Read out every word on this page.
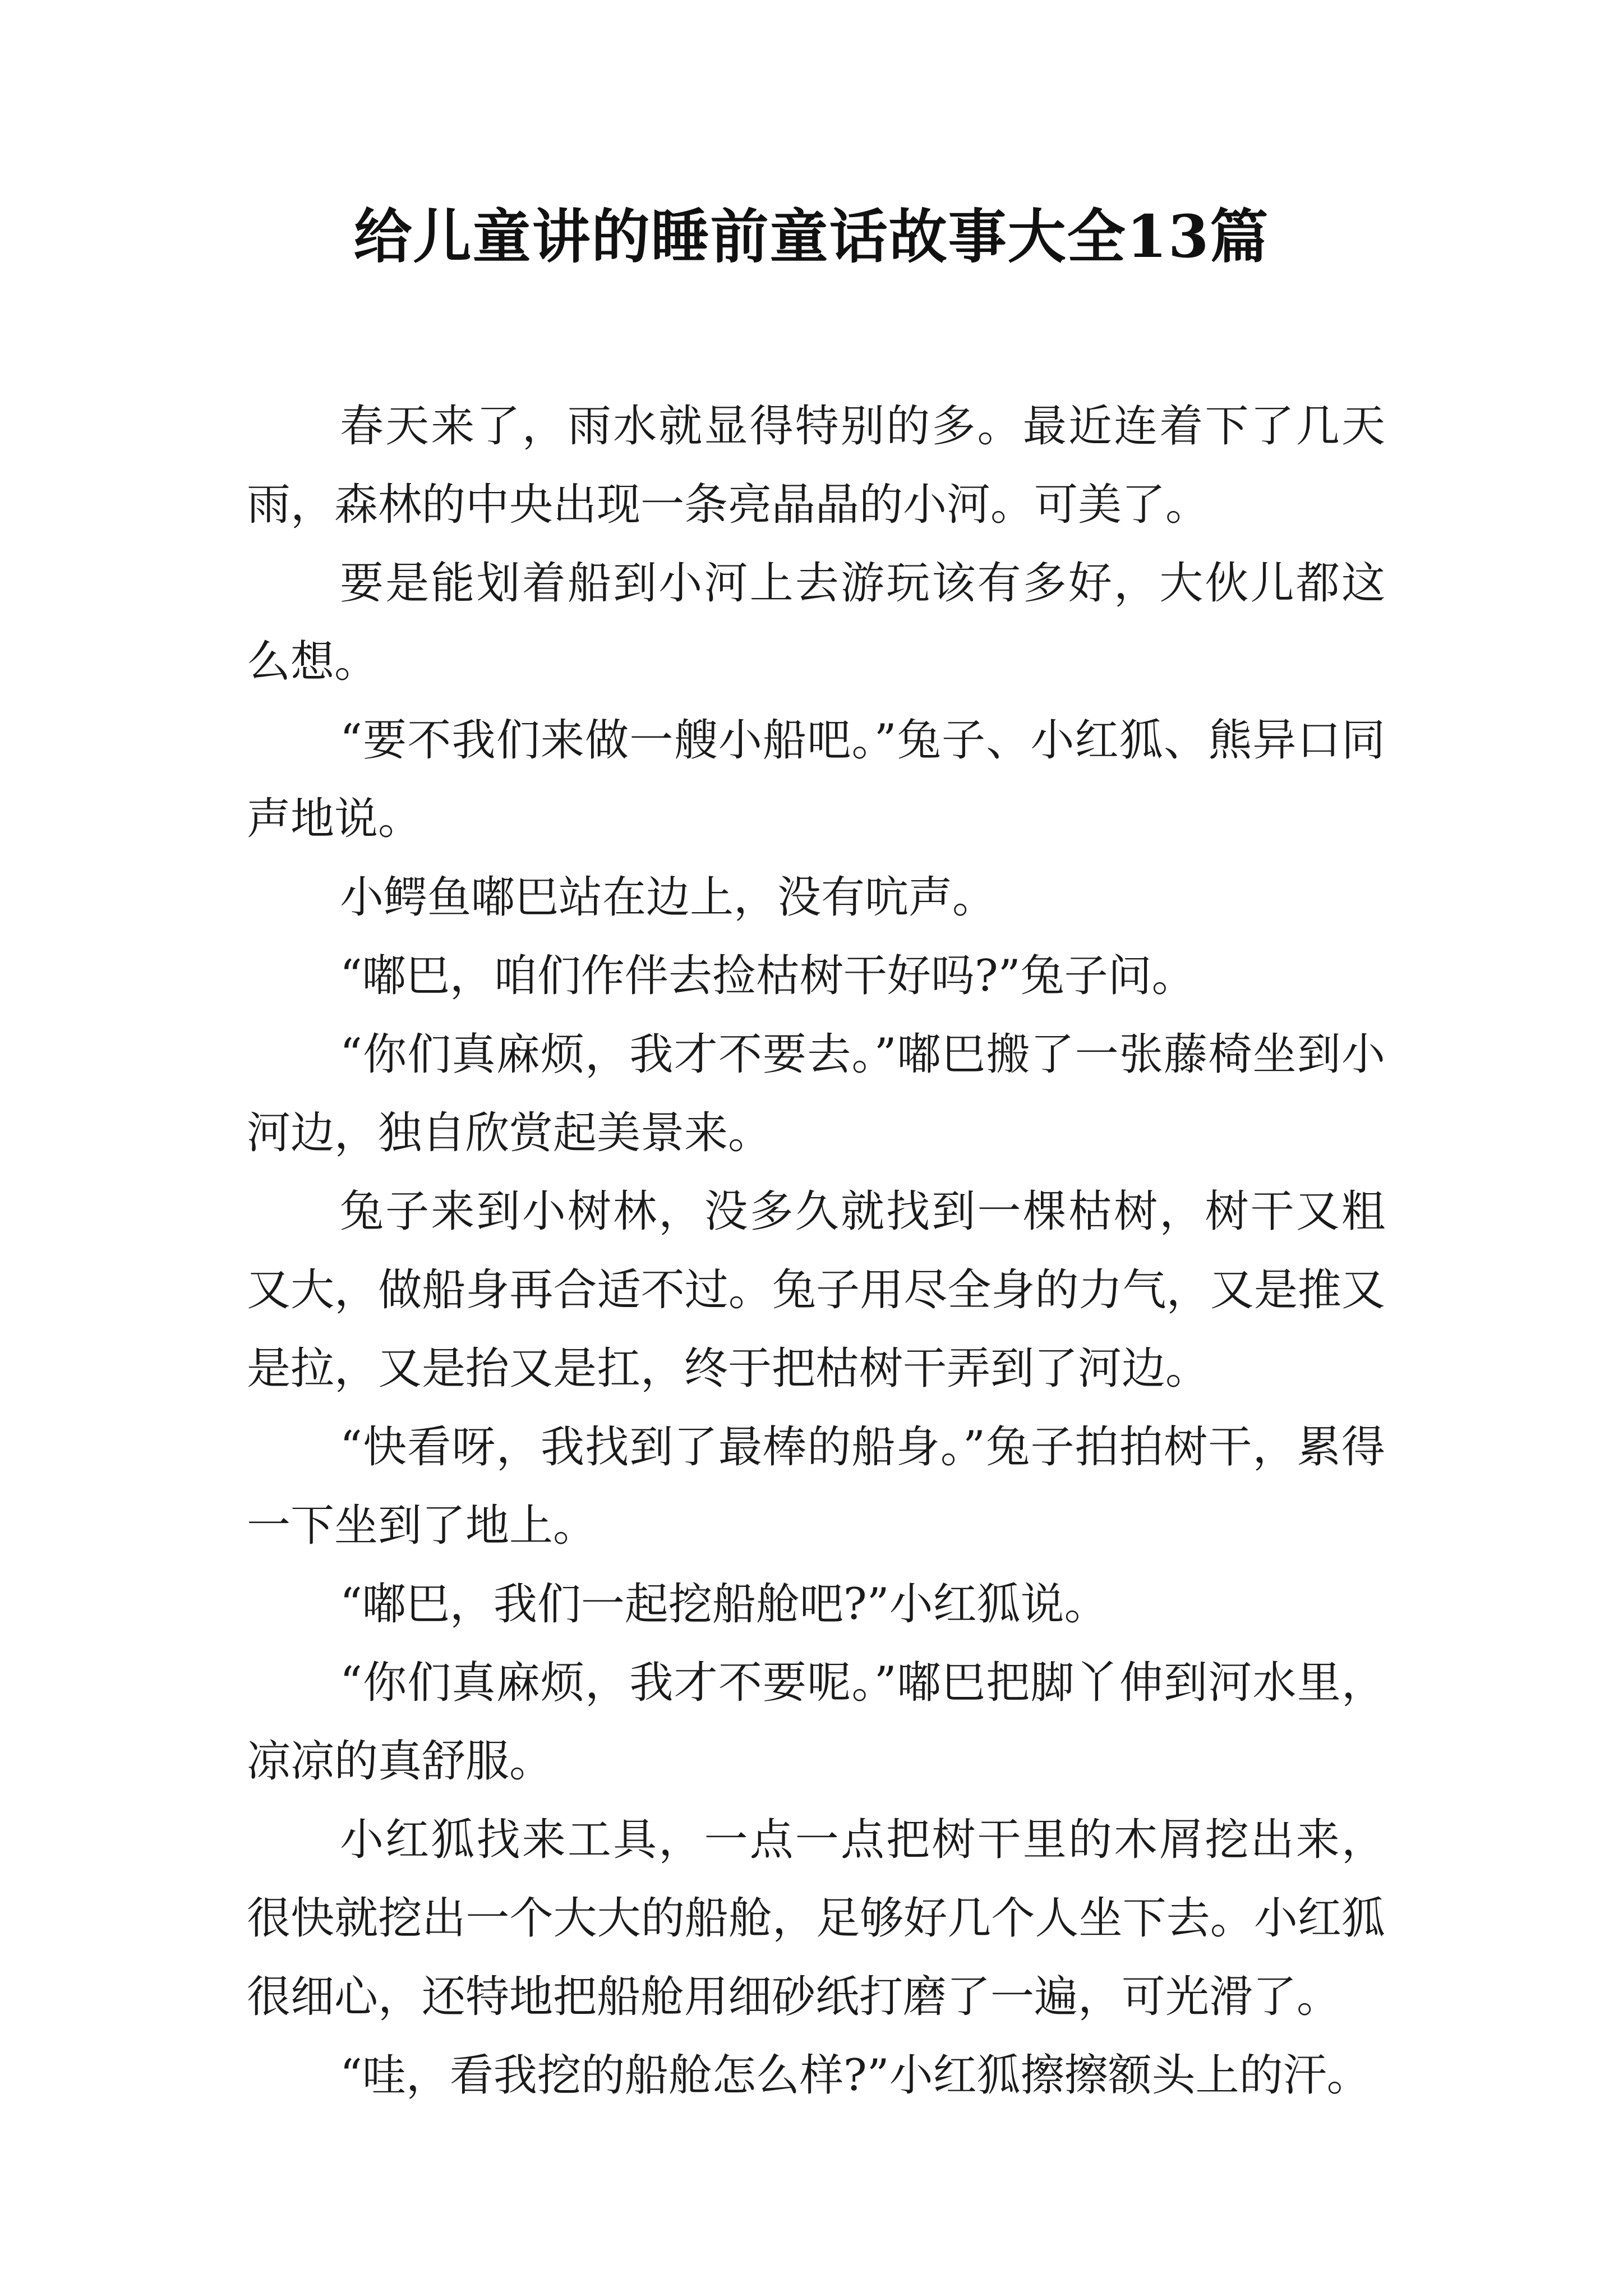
给儿童讲的睡前童话故事大全13篇

春天来了，雨水就显得特别的多。最近连着下了几天雨，森林的中央出现一条亮晶晶的小河。可美了。

要是能划着船到小河上去游玩该有多好，大伙儿都这么想。

“要不我们来做一艘小船吧。”兔子、小红狐、熊异口同声地说。

小鳄鱼嘟巴站在边上，没有吭声。

“嘟巴，咱们作伴去捡枯树干好吗?”兔子问。

“你们真麻烦，我才不要去。”嘟巴搬了一张藤椅坐到小河边，独自欣赏起美景来。

兔子来到小树林，没多久就找到一棵枯树，树干又粗又大，做船身再合适不过。兔子用尽全身的力气，又是推又是拉，又是抬又是扛，终于把枯树干弄到了河边。

“快看呀，我找到了最棒的船身。”兔子拍拍树干，累得一下坐到了地上。

“嘟巴，我们一起挖船舱吧?”小红狐说。

“你们真麻烦，我才不要呢。”嘟巴把脚丫伸到河水里，凉凉的真舒服。

小红狐找来工具，一点一点把树干里的木屑挖出来，很快就挖出一个大大的船舱，足够好几个人坐下去。小红狐很细心，还特地把船舱用细砂纸打磨了一遍，可光滑了。

“哇，看我挖的船舱怎么样?”小红狐擦擦额头上的汗。
